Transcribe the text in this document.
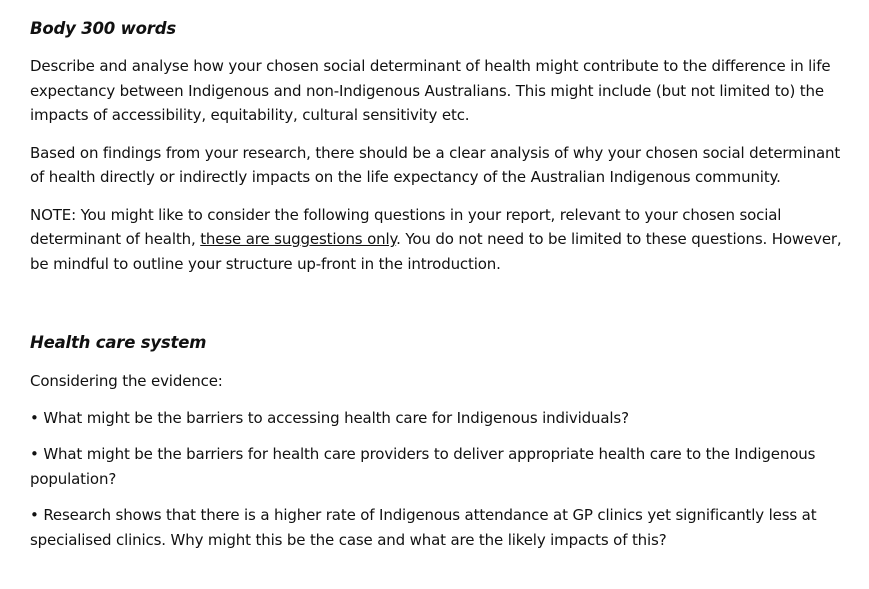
Body 300 words

Describe and analyse how your chosen social determinant of health might contribute to the difference in life expectancy between Indigenous and non-Indigenous Australians. This might include (but not limited to) the impacts of accessibility, equitability, cultural sensitivity etc.

Based on findings from your research, there should be a clear analysis of why your chosen social determinant of health directly or indirectly impacts on the life expectancy of the Australian Indigenous community.

NOTE: You might like to consider the following questions in your report, relevant to your chosen social determinant of health, these are suggestions only. You do not need to be limited to these questions. However, be mindful to outline your structure up-front in the introduction.

Health care system

Considering the evidence:

• What might be the barriers to accessing health care for Indigenous individuals?

• What might be the barriers for health care providers to deliver appropriate health care to the Indigenous population?

• Research shows that there is a higher rate of Indigenous attendance at GP clinics yet significantly less at specialised clinics. Why might this be the case and what are the likely impacts of this?
